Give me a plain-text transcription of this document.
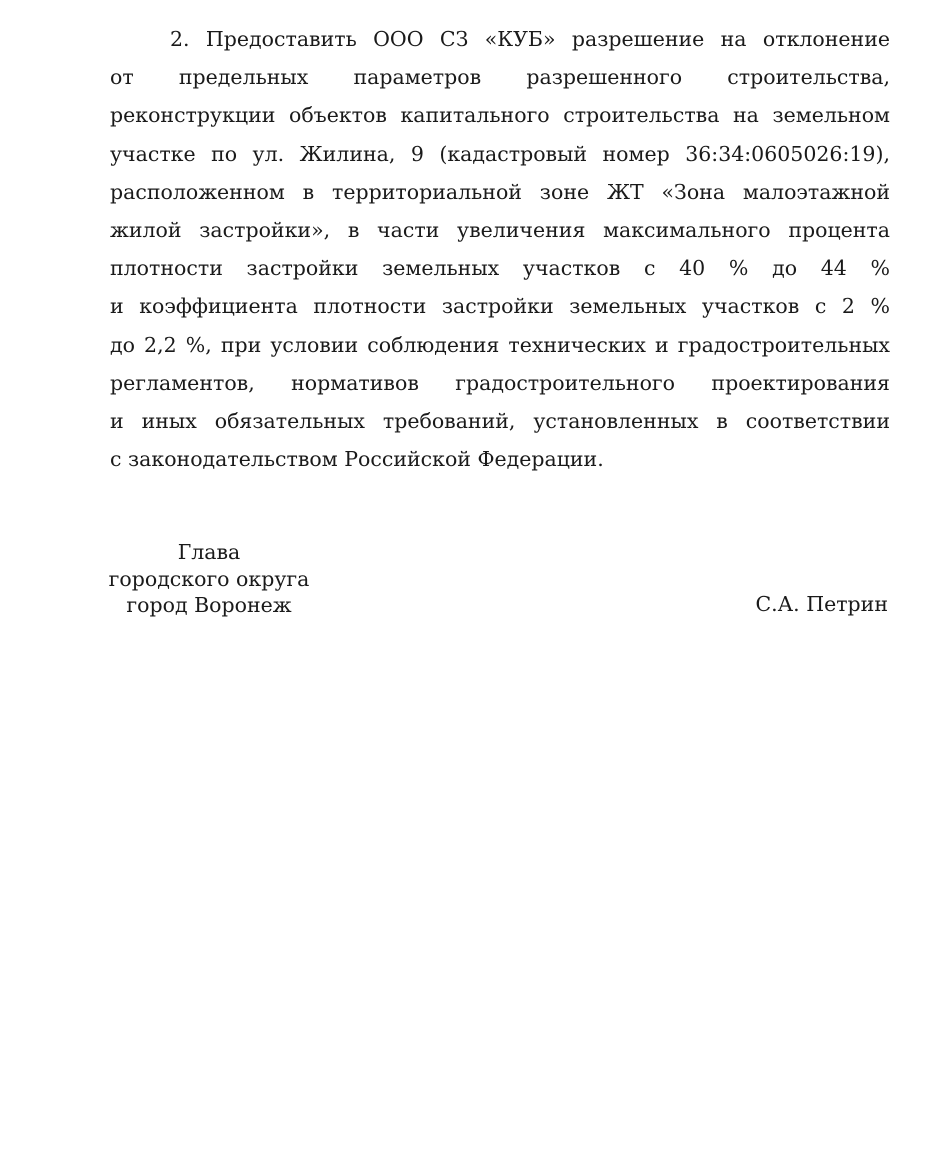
2. Предоставить ООО СЗ «КУБ» разрешение на отклонение
от предельных параметров разрешенного строительства,
реконструкции объектов капитального строительства на земельном
участке по ул. Жилина, 9 (кадастровый номер 36:34:0605026:19),
расположенном в территориальной зоне ЖТ «Зона малоэтажной
жилой застройки», в части увеличения максимального процента
плотности застройки земельных участков с 40 % до 44 %
и коэффициента плотности застройки земельных участков с 2 %
до 2,2 %, при условии соблюдения технических и градостроительных
регламентов, нормативов градостроительного проектирования
и иных обязательных требований, установленных в соответствии
с законодательством Российской Федерации.
Глава
городского округа
город Воронеж	С.А. Петрин
